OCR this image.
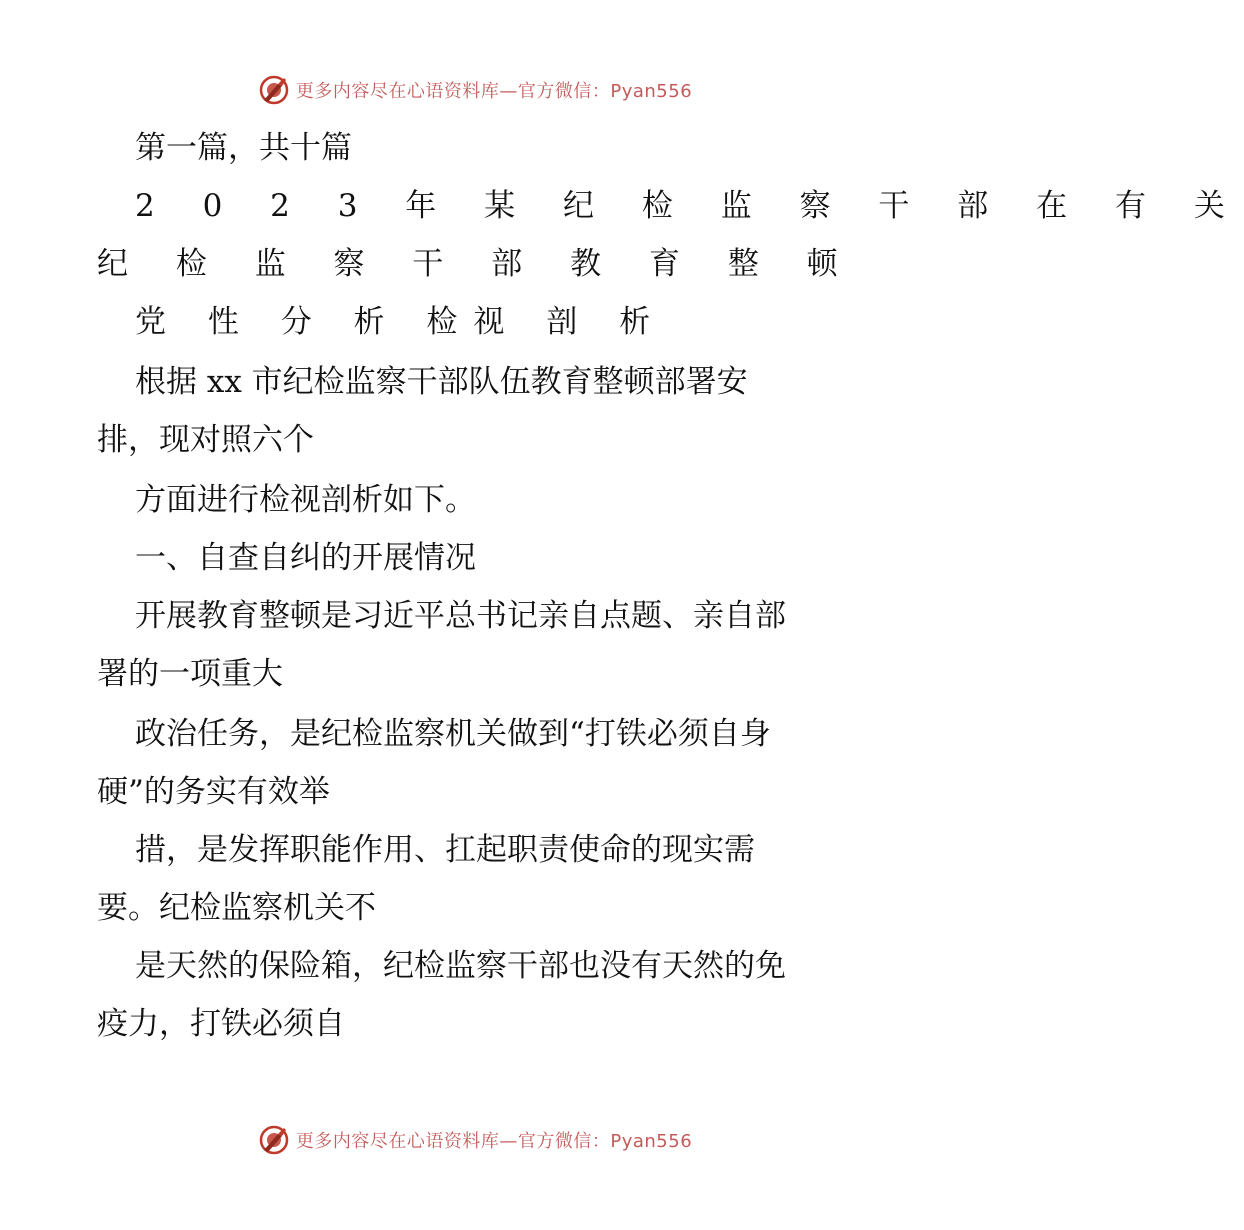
更多内容尽在心语资料库—官方微信：Pyan556
第一篇，共十篇
2 0 2 3 年 某 纪 检 监 察 干 部 在 有 关
纪 检 监 察 干 部 教 育 整 顿
党 性 分 析 检视 剖 析
根据 xx 市纪检监察干部队伍教育整顿部署安
排，现对照六个
方面进行检视剖析如下。
一、自查自纠的开展情况
开展教育整顿是习近平总书记亲自点题、亲自部
署的一项重大
政治任务，是纪检监察机关做到“打铁必须自身
硬”的务实有效举
措，是发挥职能作用、扛起职责使命的现实需
要。纪检监察机关不
是天然的保险箱，纪检监察干部也没有天然的免
疫力，打铁必须自
更多内容尽在心语资料库—官方微信：Pyan556
